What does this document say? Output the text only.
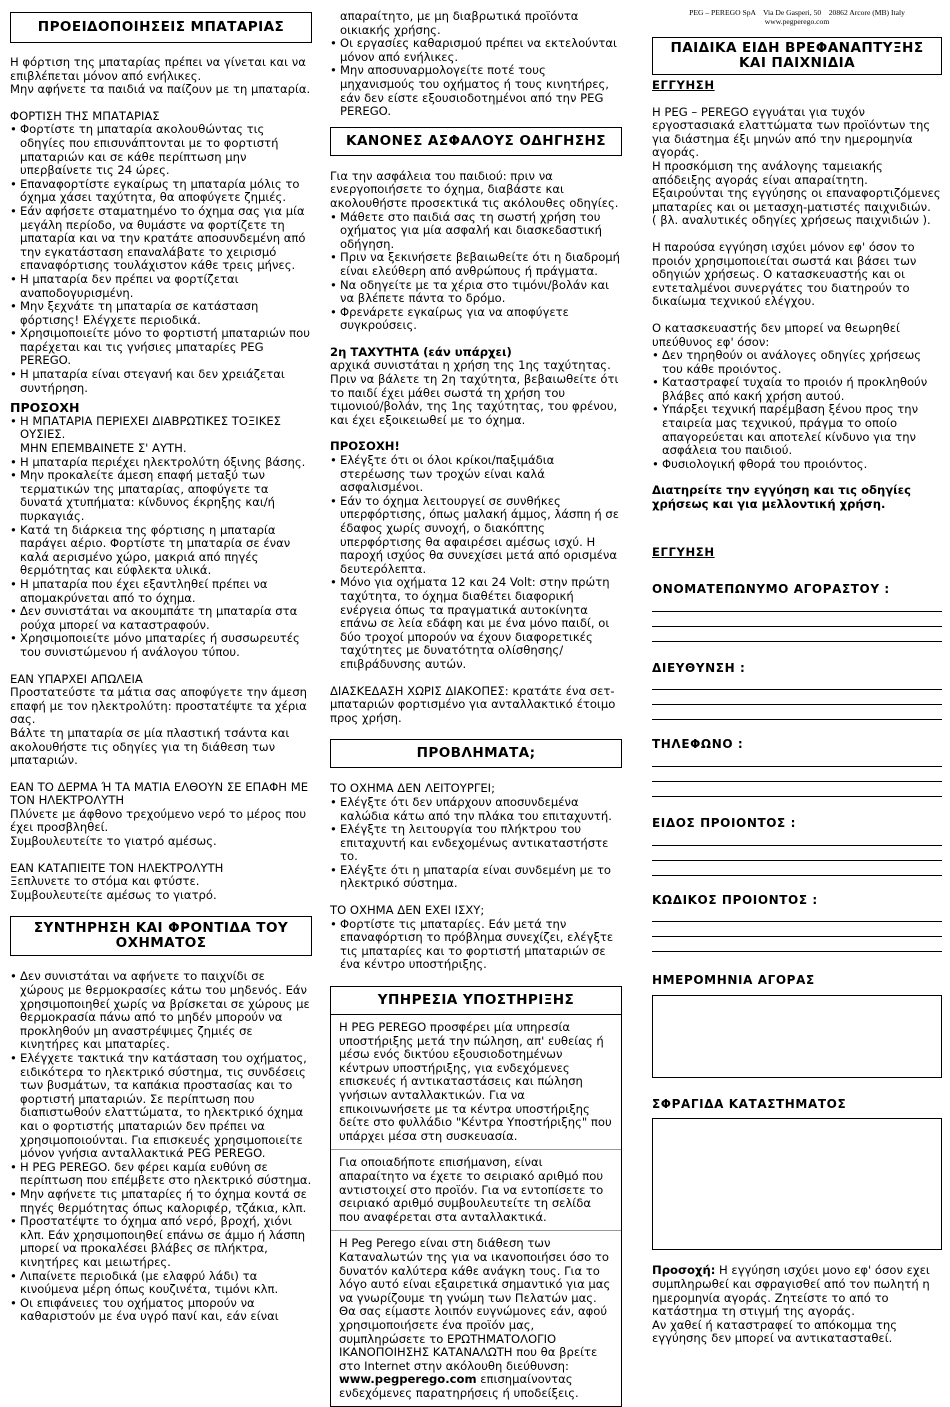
PEG – PEREGO SpA    Via De Gasperi, 50    20862 Arcore (MB) Italy
www.pegperego.com
ΠΡΟΕΙΔΟΠΟΙΗΣΕΙΣ ΜΠΑΤΑΡΙΑΣ

Η φόρτιση της μπαταρίας πρέπει να γίνεται και να επιβλέπεται μόνον από ενήλικες.

Μην αφήνετε τα παιδιά να παίζουν με τη μπαταρία.

ΦΟΡΤΙΣΗ ΤΗΣ ΜΠΑΤΑΡΙΑΣ

• Φορτίστε τη μπαταρία ακολουθώντας τις οδηγίες που επισυνάπτονται με το φορτιστή μπαταριών και σε κάθε περίπτωση μην υπερβαίνετε τις 24 ώρες.
• Επαναφορτίστε εγκαίρως τη μπαταρία μόλις το όχημα χάσει ταχύτητα, θα αποφύγετε ζημιές.
• Εάν αφήσετε σταματημένο το όχημα σας για μία μεγάλη περίοδο, να θυμάστε να φορτίζετε τη μπαταρία και να την κρατάτε αποσυνδεμένη από την εγκατάσταση επαναλάβατε το χειρισμό επαναφόρτισης τουλάχιστον κάθε τρεις μήνες.
• Η μπαταρία δεν πρέπει να φορτίζεται αναποδογυρισμένη.
• Μην ξεχνάτε τη μπαταρία σε κατάσταση φόρτισης! Ελέγχετε περιοδικά.
• Χρησιμοποιείτε μόνο το φορτιστή μπαταριών που παρέχεται και τις γνήσιες μπαταρίες PEG PEREGO.
• Η μπαταρία είναι στεγανή και δεν χρειάζεται συντήρηση.

ΠΡΟΣΟΧΗ

• Η ΜΠΑΤΑΡΙΑ ΠΕΡΙΕΧΕΙ ΔΙΑΒΡΩΤΙΚΕΣ ΤΟΞΙΚΕΣ ΟΥΣΙΕΣ.
ΜΗΝ ΕΠΕΜΒΑΙΝΕΤΕ Σ' ΑΥΤΗ.
• Η μπαταρία περιέχει ηλεκτρολύτη όξινης βάσης.
• Μην προκαλείτε άμεση επαφή μεταξύ των τερματικών της μπαταρίας, αποφύγετε τα δυνατά χτυπήματα: κίνδυνος έκρηξης και/ή πυρκαγιάς.
• Κατά τη διάρκεια της φόρτισης η μπαταρία παράγει αέριο. Φορτίστε τη μπαταρία σε έναν καλά αερισμένο χώρο, μακριά από πηγές θερμότητας και εύφλεκτα υλικά.
• Η μπαταρία που έχει εξαντληθεί πρέπει να απομακρύνεται από το όχημα.
• Δεν συνιστάται να ακουμπάτε τη μπαταρία στα ρούχα μπορεί να καταστραφούν.
• Χρησιμοποιείτε μόνο μπαταρίες ή συσσωρευτές του συνιστώμενου ή ανάλογου τύπου.

ΕΑΝ ΥΠΑΡΧΕΙ ΑΠΩΛΕΙΑ

Προστατεύστε τα μάτια σας αποφύγετε την άμεση επαφή με τον ηλεκτρολύτη: προστατέψτε τα χέρια σας.

Βάλτε τη μπαταρία σε μία πλαστική τσάντα και ακολουθήστε τις οδηγίες για τη διάθεση των μπαταριών.

ΕΑΝ ΤΟ ΔΕΡΜΑ Ή ΤΑ ΜΑΤΙΑ ΕΛΘΟΥΝ ΣΕ ΕΠΑΦΗ ΜΕ ΤΟΝ ΗΛΕΚΤΡΟΛΥΤΗ

Πλύνετε με άφθονο τρεχούμενο νερό το μέρος που έχει προσβληθεί.

Συμβουλευτείτε το γιατρό αμέσως.

ΕΑΝ ΚΑΤΑΠΙΕΙΤΕ ΤΟΝ ΗΛΕΚΤΡΟΛΥΤΗ

Ξεπλυνετε το στόμα και φτύστε.

Συμβουλευτείτε αμέσως το γιατρό.

ΣΥΝΤΗΡΗΣΗ ΚΑΙ ΦΡΟΝΤΙΔΑ ΤΟΥ ΟΧΗΜΑΤΟΣ
• Δεν συνιστάται να αφήνετε το παιχνίδι σε χώρους με θερμοκρασίες κάτω του μηδενός. Εάν χρησιμοποιηθεί χωρίς να βρίσκεται σε χώρους με θερμοκρασία πάνω από το μηδέν μπορούν να προκληθούν μη αναστρέψιμες ζημιές σε κινητήρες και μπαταρίες.
• Ελέγχετε τακτικά την κατάσταση του οχήματος, ειδικότερα το ηλεκτρικό σύστημα, τις συνδέσεις των βυσμάτων, τα καπάκια προστασίας και το φορτιστή μπαταριών. Σε περίπτωση που διαπιστωθούν ελαττώματα, το ηλεκτρικό όχημα και ο φορτιστής μπαταριών δεν πρέπει να χρησιμοποιούνται. Για επισκευές χρησιμοποιείτε μόνον γνήσια ανταλλακτικά PEG PEREGO.
• Η PEG PEREGO. δεν φέρει καμία ευθύνη σε περίπτωση που επέμβετε στο ηλεκτρικό σύστημα.
• Μην αφήνετε τις μπαταρίες ή το όχημα κοντά σε πηγές θερμότητας όπως καλοριφέρ, τζάκια, κλπ.
• Προστατέψτε το όχημα από νερό, βροχή, χιόνι κλπ. Εάν χρησιμοποιηθεί επάνω σε άμμο ή λάσπη μπορεί να προκαλέσει βλάβες σε πλήκτρα, κινητήρες και μειωτήρες.
• Λιπαίνετε περιοδικά (με ελαφρύ λάδι) τα κινούμενα μέρη όπως κουζινέτα, τιμόνι κλπ.
• Οι επιφάνειες του οχήματος μπορούν να καθαριστούν με ένα υγρό πανί και, εάν είναι

απαραίτητο, με μη διαβρωτικά προϊόντα οικιακής χρήσης.

• Οι εργασίες καθαρισμού πρέπει να εκτελούνται μόνον από ενήλικες.
• Μην αποσυναρμολογείτε ποτέ τους μηχανισμούς του οχήματος ή τους κινητήρες, εάν δεν είστε εξουσιοδοτημένοι από την PEG PEREGO.
ΚΑΝΟΝΕΣ ΑΣΦΑΛΟΥΣ ΟΔΗΓΗΣΗΣ

Για την ασφάλεια του παιδιού: πριν να ενεργοποιήσετε το όχημα, διαβάστε και ακολουθήστε προσεκτικά τις ακόλουθες οδηγίες.

• Μάθετε στο παιδιά σας τη σωστή χρήση του οχήματος για μία ασφαλή και διασκεδαστική οδήγηση.
• Πριν να ξεκινήσετε βεβαιωθείτε ότι η διαδρομή είναι ελεύθερη από ανθρώπους ή πράγματα.
• Να οδηγείτε με τα χέρια στο τιμόνι/βολάν και να βλέπετε πάντα το δρόμο.
• Φρενάρετε εγκαίρως για να αποφύγετε συγκρούσεις.

2η ΤΑΧΥΤΗΤΑ (εάν υπάρχει)

αρχικά συνιστάται η χρήση της 1ης ταχύτητας. Πριν να βάλετε τη 2η ταχύτητα, βεβαιωθείτε ότι το παιδί έχει μάθει σωστά τη χρήση του τιμονιού/βολάν, της 1ης ταχύτητας, του φρένου, και έχει εξοικειωθεί με το όχημα.

ΠΡΟΣΟΧΗ!

• Ελέγξτε ότι οι όλοι κρίκοι/παξιμάδια στερέωσης των τροχών είναι καλά ασφαλισμένοι.
• Εάν το όχημα λειτουργεί σε συνθήκες υπερφόρτισης, όπως μαλακή άμμος, λάσπη ή σε έδαφος χωρίς συνοχή, ο διακόπτης υπερφόρτισης θα αφαιρέσει αμέσως ισχύ. Η παροχή ισχύος θα συνεχίσει μετά από ορισμένα δευτερόλεπτα.
• Μόνο για οχήματα 12 και 24 Volt: στην πρώτη ταχύτητα, το όχημα διαθέτει διαφορική ενέργεια όπως τα πραγματικά αυτοκίνητα επάνω σε λεία εδάφη και με ένα μόνο παιδί, οι δύο τροχοί μπορούν να έχουν διαφορετικές ταχύτητες με δυνατότητα ολίσθησης/επιβράδυνσης αυτών.

ΔΙΑΣΚΕΔΑΣΗ ΧΩΡΙΣ ΔΙΑΚΟΠΕΣ: κρατάτε ένα σετ-μπαταριών φορτισμένο για ανταλλακτικό έτοιμο προς χρήση.

ΠΡΟΒΛΗΜΑΤΑ;

ΤΟ ΟΧΗΜΑ ΔΕΝ ΛΕΙΤΟΥΡΓΕΙ;

• Ελέγξτε ότι δεν υπάρχουν αποσυνδεμένα καλώδια κάτω από την πλάκα του επιταχυντή.
• Ελέγξτε τη λειτουργία του πλήκτρου του επιταχυντή και ενδεχομένως αντικαταστήστε το.
• Ελέγξτε ότι η μπαταρία είναι συνδεμένη με το ηλεκτρικό σύστημα.

ΤΟ ΟΧΗΜΑ ΔΕΝ ΕΧΕΙ ΙΣΧΥ;

• Φορτίστε τις μπαταρίες. Εάν μετά την επαναφόρτιση το πρόβλημα συνεχίζει, ελέγξτε τις μπαταρίες και το φορτιστή μπαταριών σε ένα κέντρο υποστήριξης.
ΥΠΗΡΕΣΙΑ ΥΠΟΣΤΗΡΙΞΗΣ

Η PEG PEREGO προσφέρει μία υπηρεσία υποστήριξης μετά την πώληση, απ' ευθείας ή μέσω ενός δικτύου εξουσιοδοτημένων κέντρων υποστήριξης, για ενδεχόμενες επισκευές ή αντικαταστάσεις και πώληση γνήσιων ανταλλακτικών. Για να επικοινωνήσετε με τα κέντρα υποστήριξης δείτε στο φυλλάδιο "Κέντρα Υποστήριξης" που υπάρχει μέσα στη συσκευασία.

Για οποιαδήποτε επισήμανση, είναι απαραίτητο να έχετε το σειριακό αριθμό που αντιστοιχεί στο προϊόν. Για να εντοπίσετε το σειριακό αριθμό συμβουλευτείτε τη σελίδα που αναφέρεται στα ανταλλακτικά.

Η Peg Perego είναι στη διάθεση των Καταναλωτών της για να ικανοποιήσει όσο το δυνατόν καλύτερα κάθε ανάγκη τους. Για το λόγο αυτό είναι εξαιρετικά σημαντικό για μας να γνωρίζουμε τη γνώμη των Πελατών μας. Θα σας είμαστε λοιπόν ευγνώμονες εάν, αφού χρησιμοποιήσετε ένα προϊόν μας, συμπληρώσετε το ΕΡΩΤΗΜΑΤΟΛΟΓΙΟ ΙΚΑΝΟΠΟΙΗΣΗΣ ΚΑΤΑΝΑΛΩΤΗ που θα βρείτε στο Internet στην ακόλουθη διεύθυνση:
www.pegperego.com επισημαίνοντας ενδεχόμενες παρατηρήσεις ή υποδείξεις.

ΠΑΙΔΙΚΑ ΕΙΔΗ ΒΡΕΦΑΝΑΠΤΥΞΗΣ ΚΑΙ ΠΑΙΧΝΙΔΙΑ

ΕΓΓΥΗΣΗ

Η PEG – PEREGO εγγυάται για τυχόν εργοστασιακά ελαττώματα των προϊόντων της για διάστημα έξι μηνών από την ημερομηνία αγοράς.

Η προσκόμιση της ανάλογης ταμειακής απόδειξης αγοράς είναι απαραίτητη.

Εξαιρούνται της εγγύησης οι επαναφορτιζόμενες μπαταρίες και οι μετασχη-ματιστές παιχνιδιών.

( βλ. αναλυτικές οδηγίες χρήσεως παιχνιδιών ).

Η παρούσα εγγύηση ισχύει μόνον εφ' όσον το προιόν χρησιμοποιείται σωστά και βάσει των οδηγιών χρήσεως. Ο κατασκευαστής και οι εντεταλμένοι συνεργάτες του διατηρούν το δικαίωμα τεχνικού ελέγχου.

Ο κατασκευαστής δεν μπορεί να θεωρηθεί υπεύθυνος εφ' όσον:

• Δεν τηρηθούν οι ανάλογες οδηγίες χρήσεως του κάθε προιόντος.
• Καταστραφεί τυχαία το προιόν ή προκληθούν βλάβες από κακή χρήση αυτού.
• Υπάρξει τεχνική παρέμβαση ξένου προς την εταιρεία μας τεχνικού, πράγμα το οποίο απαγορεύεται και αποτελεί κίνδυνο για την ασφάλεια του παιδιού.
• Φυσιολογική φθορά του προιόντος.

Διατηρείτε την εγγύηση και τις οδηγίες χρήσεως και για μελλοντική χρήση.

ΕΓΓΥΗΣΗ

ΟΝΟΜΑΤΕΠΩΝΥΜΟ ΑΓΟΡΑΣΤΟΥ :
ΔΙΕΥΘΥΝΣΗ :
ΤΗΛΕΦΩΝΟ :
ΕΙΔΟΣ ΠΡΟΙΟΝΤΟΣ :
ΚΩΔΙΚΟΣ ΠΡΟΙΟΝΤΟΣ :
ΗΜΕΡΟΜΗΝΙΑ ΑΓΟΡΑΣ
ΣΦΡΑΓΙΔΑ ΚΑΤΑΣΤΗΜΑΤΟΣ

Προσοχή: Η εγγύηση ισχύει μονο εφ' όσον εχει συμπληρωθεί και σφραγισθεί από τον πωλητή η ημερομηνία αγοράς. Ζητείστε το από το κατάστημα τη στιγμή της αγοράς.

Αν χαθεί ή καταστραφεί το απόκομμα της εγγύησης δεν μπορεί να αντικατασταθεί.
